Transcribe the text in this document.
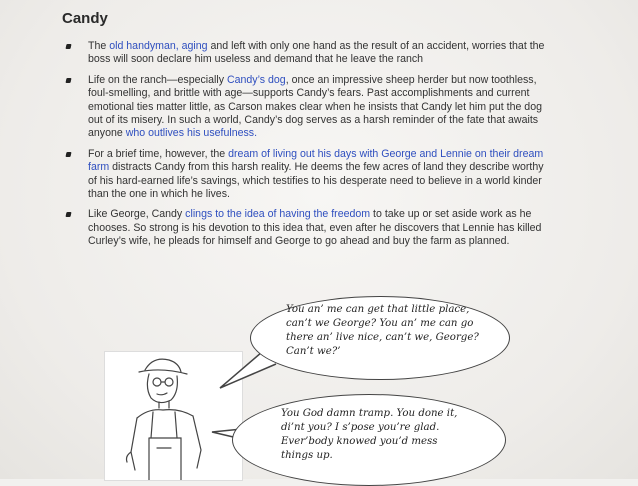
Candy
The old handyman, aging and left with only one hand as the result of an accident, worries that the boss will soon declare him useless and demand that he leave the ranch
Life on the ranch—especially Candy’s dog, once an impressive sheep herder but now toothless, foul-smelling, and brittle with age—supports Candy’s fears. Past accomplishments and current emotional ties matter little, as Carson makes clear when he insists that Candy let him put the dog out of its misery. In such a world, Candy’s dog serves as a harsh reminder of the fate that awaits anyone who outlives his usefulness.
For a brief time, however, the dream of living out his days with George and Lennie on their dream farm distracts Candy from this harsh reality. He deems the few acres of land they describe worthy of his hard-earned life’s savings, which testifies to his desperate need to believe in a world kinder than the one in which he lives.
Like George, Candy clings to the idea of having the freedom to take up or set aside work as he chooses. So strong is his devotion to this idea that, even after he discovers that Lennie has killed Curley’s wife, he pleads for himself and George to go ahead and buy the farm as planned.
You an’ me can get that little place, can’t we George? You an’ me can go there an’ live nice, can’t we, George? Can’t we?’
You God damn tramp. You done it, di’nt you? I s’pose you’re glad. Ever’body knowed you’d mess things up.
